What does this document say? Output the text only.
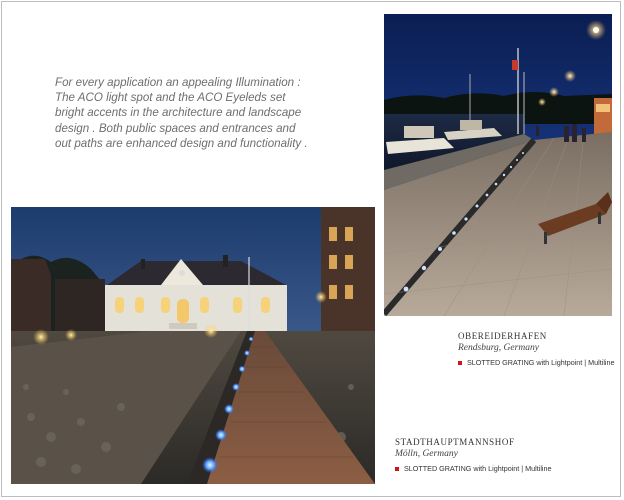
For every application an appealing Illumination :
The ACO light spot and the ACO Eyeleds set
bright accents in the architecture and landscape
design . Both public spaces and entrances and
out paths are enhanced design and functionality .

OBEREIDERHAFEN
Rendsburg, Germany
SLOTTED GRATING with Lightpoint | Multiline
STADTHAUPTMANNSHOF
Mölln, Germany
SLOTTED GRATING with Lightpoint | Multiline
